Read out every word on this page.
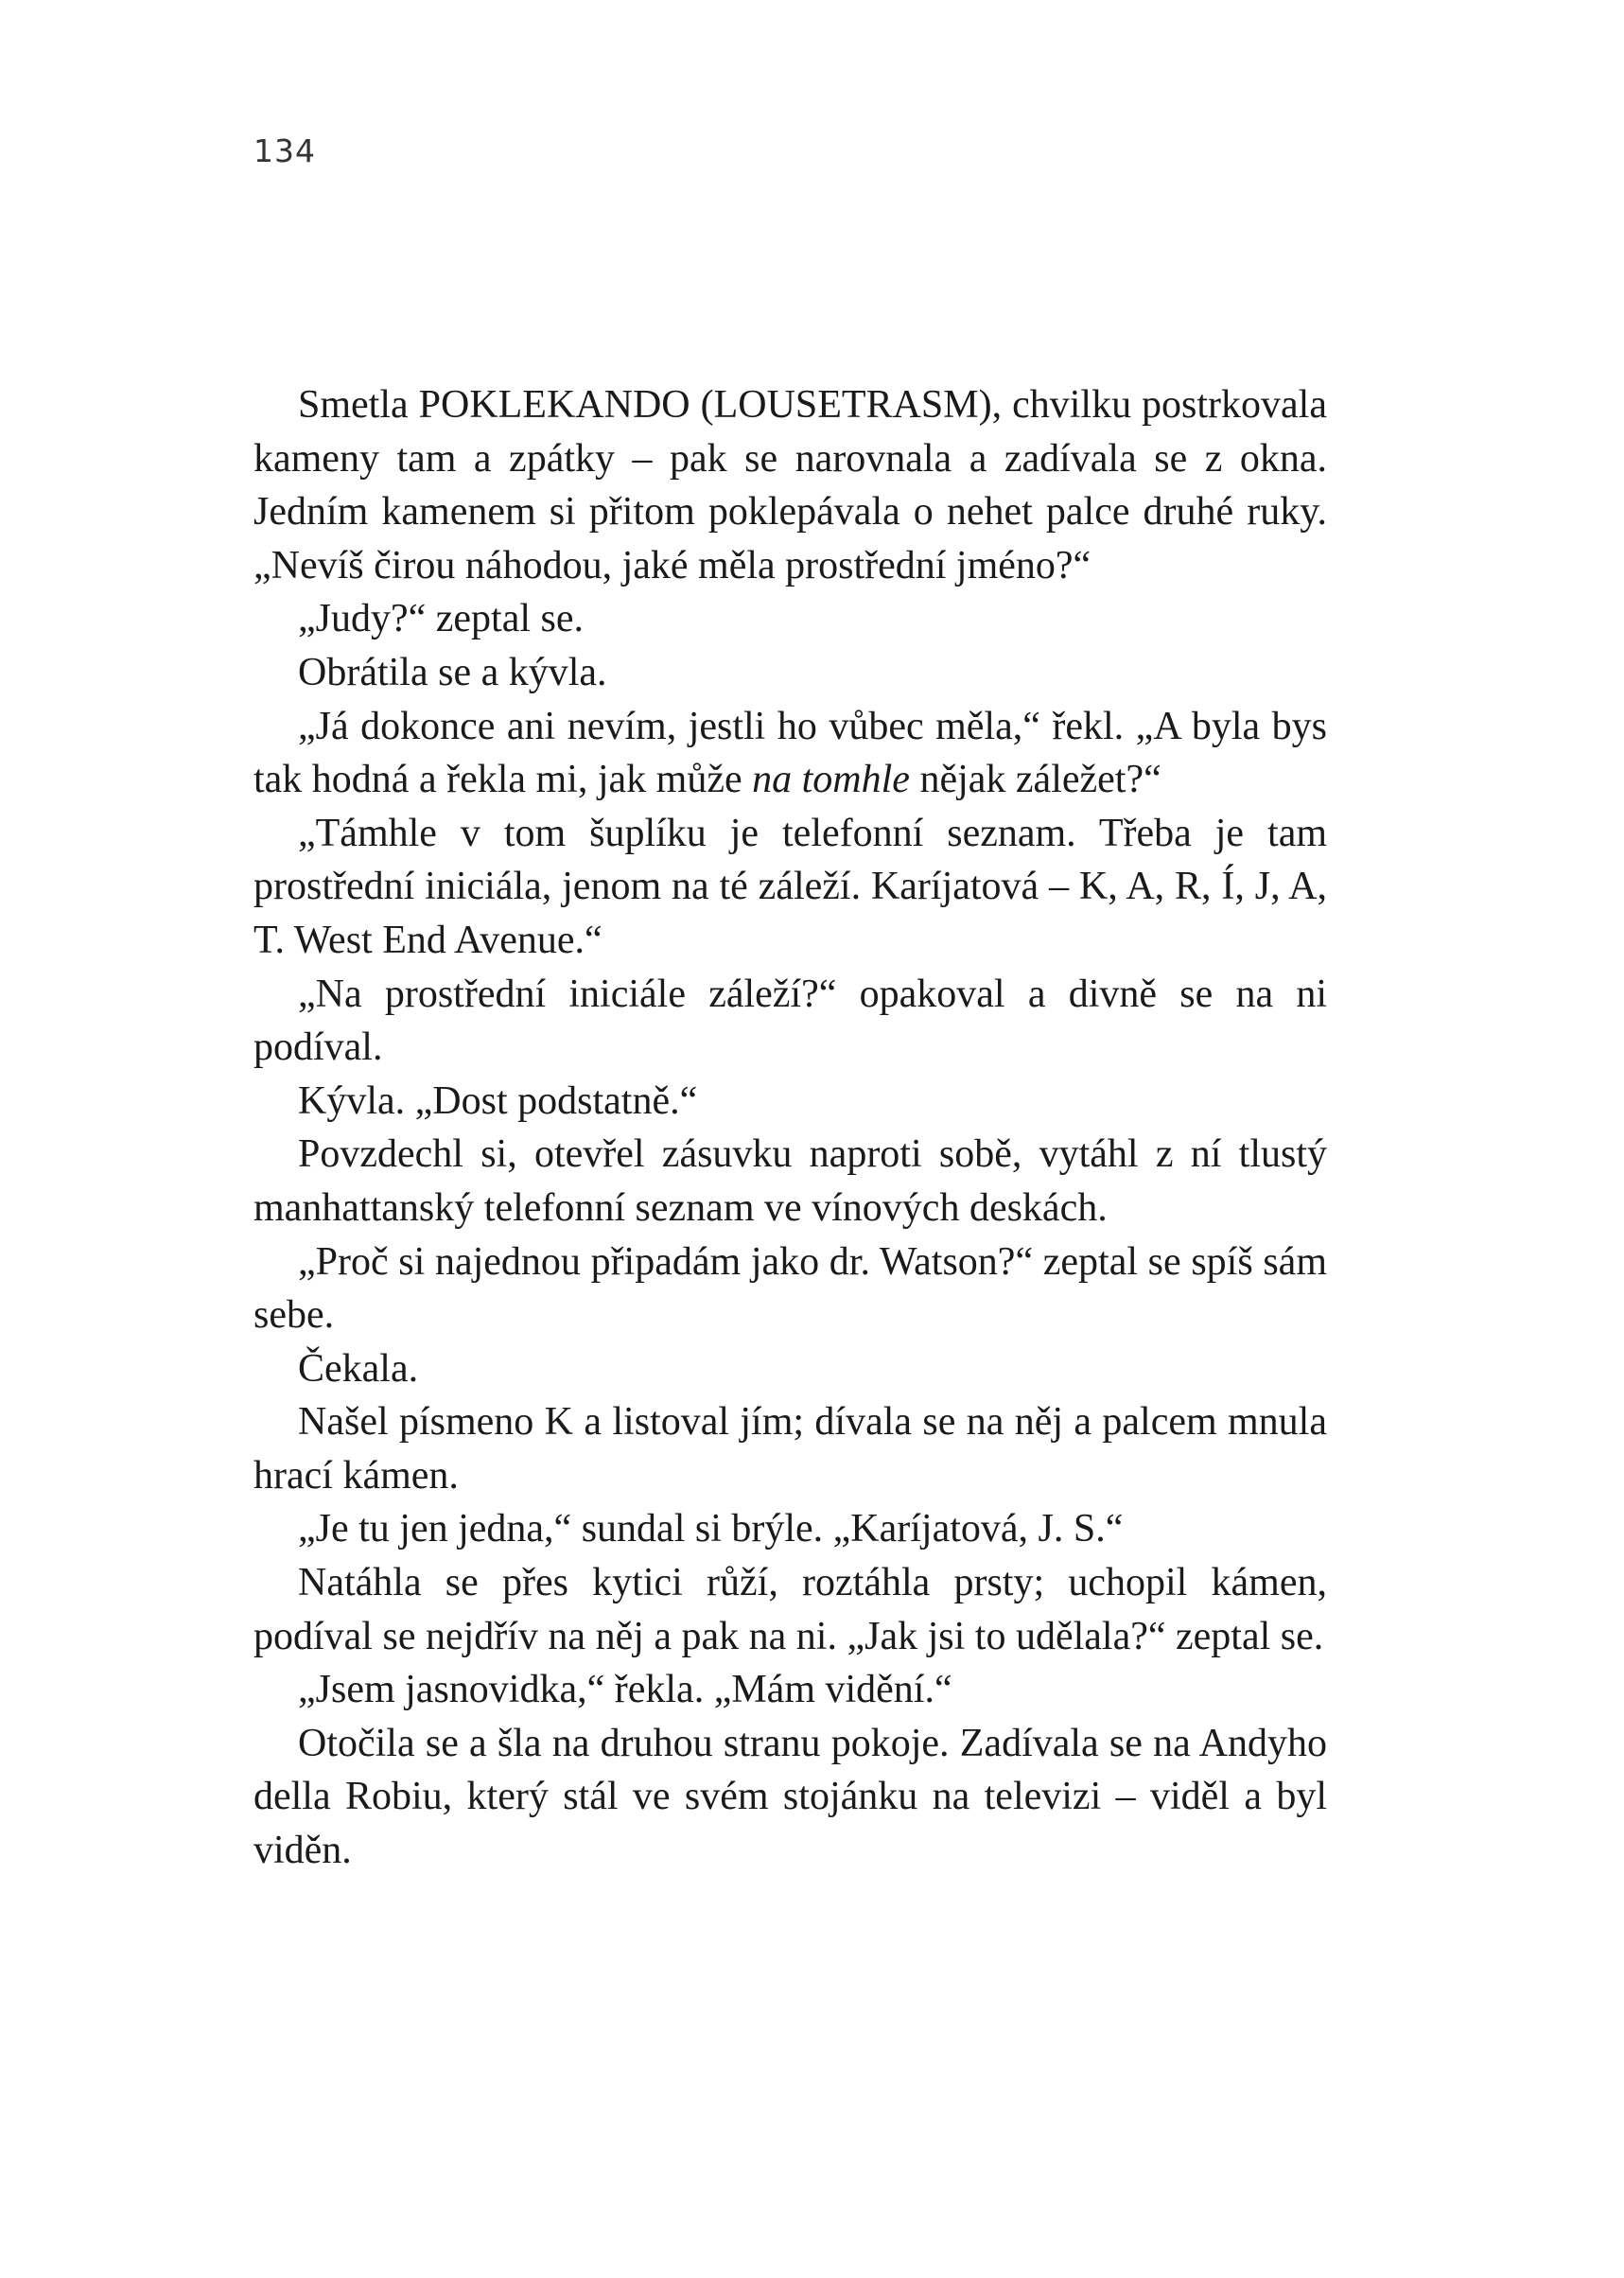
134

Smetla POKLEKANDO (LOUSETRASM), chvilku postrkovala kameny tam a zpátky – pak se narovnala a zadívala se z okna. Jedním kamenem si přitom poklepávala o nehet palce druhé ruky. „Nevíš čirou náhodou, jaké měla prostřední jméno?“

„Judy?“ zeptal se.

Obrátila se a kývla.

„Já dokonce ani nevím, jestli ho vůbec měla,“ řekl. „A byla bys tak hodná a řekla mi, jak může na tomhle nějak záležet?“

„Támhle v tom šuplíku je telefonní seznam. Třeba je tam prostřední iniciála, jenom na té záleží. Karíjatová – K, A, R, Í, J, A, T. West End Avenue.“

„Na prostřední iniciále záleží?“ opakoval a divně se na ni podíval.

Kývla. „Dost podstatně.“

Povzdechl si, otevřel zásuvku naproti sobě, vytáhl z ní tlustý manhattanský telefonní seznam ve vínových deskách.

„Proč si najednou připadám jako dr. Watson?“ zeptal se spíš sám sebe.

Čekala.

Našel písmeno K a listoval jím; dívala se na něj a palcem mnula hrací kámen.

„Je tu jen jedna,“ sundal si brýle. „Karíjatová, J. S.“

Natáhla se přes kytici růží, roztáhla prsty; uchopil kámen, podíval se nejdřív na něj a pak na ni. „Jak jsi to udělala?“ zeptal se.

„Jsem jasnovidka,“ řekla. „Mám vidění.“

Otočila se a šla na druhou stranu pokoje. Zadívala se na Andyho della Robiu, který stál ve svém stojánku na televizi – viděl a byl viděn.
